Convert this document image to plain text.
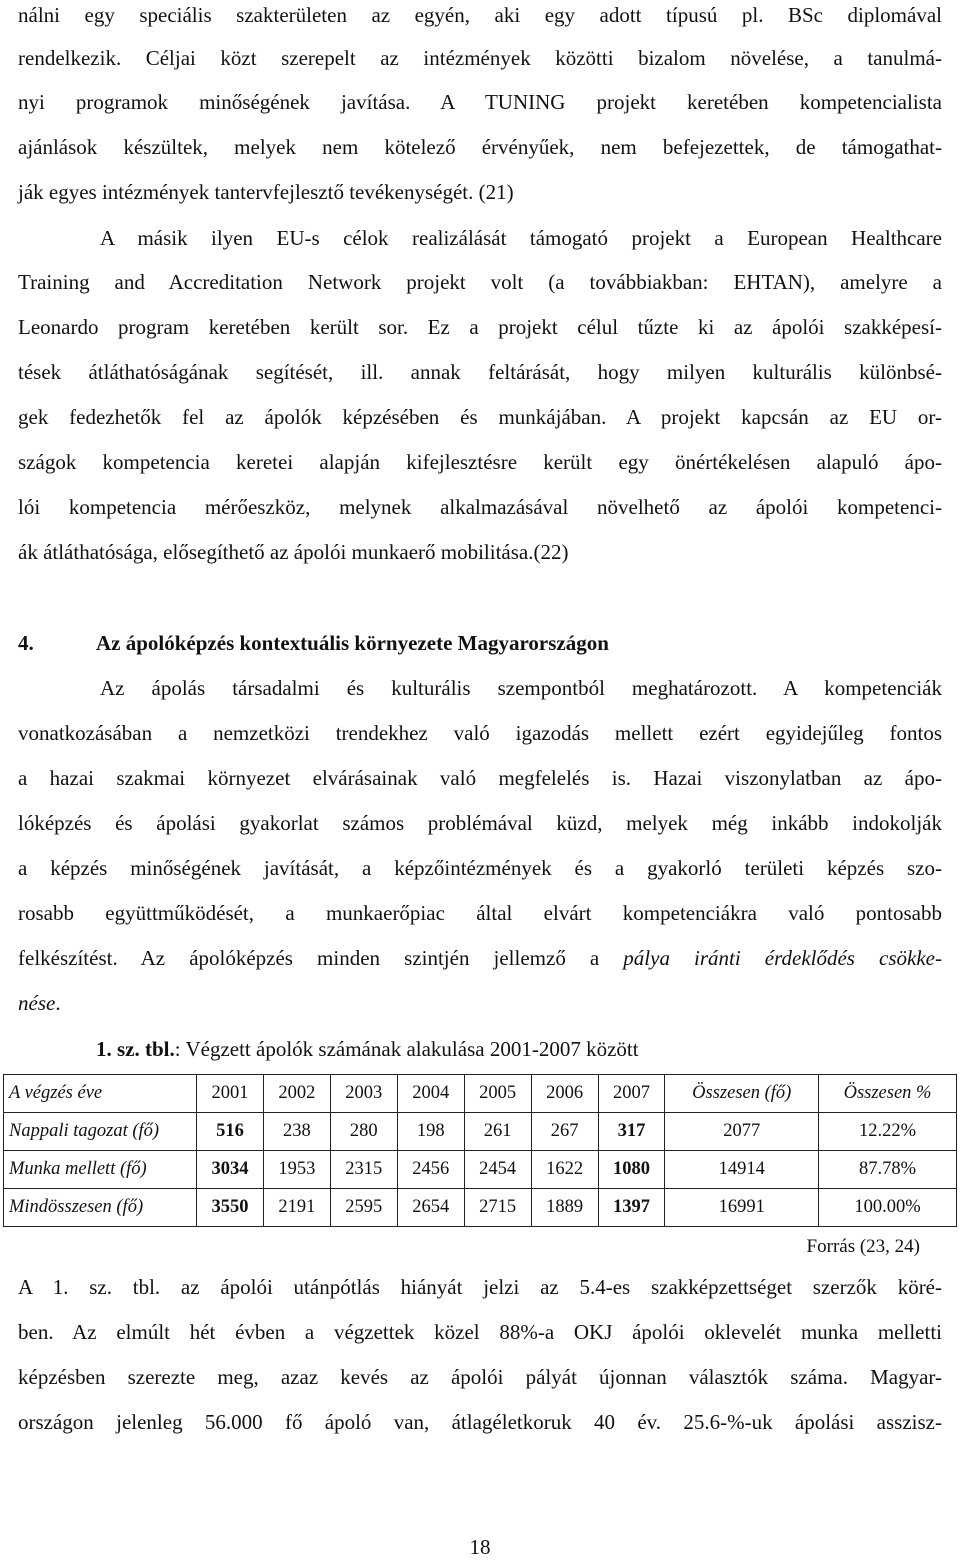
nálni egy speciális szakterületen az egyén, aki egy adott típusú pl. BSc diplomával
rendelkezik. Céljai közt szerepelt az intézmények közötti bizalom növelése, a tanulmá-
nyi programok minőségének javítása. A TUNING projekt keretében kompetencialista
ajánlások készültek, melyek nem kötelező érvényűek, nem befejezettek, de támogathat-
ják egyes intézmények tantervfejlesztő tevékenységét. (21)
A másik ilyen EU-s célok realizálását támogató projekt a European Healthcare
Training and Accreditation Network projekt volt (a továbbiakban: EHTAN), amelyre a
Leonardo program keretében került sor. Ez a projekt célul tűzte ki az ápolói szakképesí-
tések átláthatóságának segítését, ill. annak feltárását, hogy milyen kulturális különbsé-
gek fedezhetők fel az ápolók képzésében és munkájában. A projekt kapcsán az EU or-
szágok kompetencia keretei alapján kifejlesztésre került egy önértékelésen alapuló ápo-
lói kompetencia mérőeszköz, melynek alkalmazásával növelhető az ápolói kompetenci-
ák átláthatósága, elősegíthető az ápolói munkaerő mobilitása.(22)
4.	Az ápolóképzés kontextuális környezete Magyarországon
Az ápolás társadalmi és kulturális szempontból meghatározott. A kompetenciák
vonatkozásában a nemzetközi trendekhez való igazodás mellett ezért egyidejűleg fontos
a hazai szakmai környezet elvárásainak való megfelelés is. Hazai viszonylatban az ápo-
lóképzés és ápolási gyakorlat számos problémával küzd, melyek még inkább indokolják
a képzés minőségének javítását, a képzőintézmények és a gyakorló területi képzés szo-
rosabb együttműködését, a munkaerőpiac által elvárt kompetenciákra való pontosabb
felkészítést. Az ápolóképzés minden szintjén jellemző a pálya iránti érdeklődés csökke-
nése.
1. sz. tbl.: Végzett ápolók számának alakulása 2001-2007 között
A végzés éve	2001	2002	2003	2004	2005	2006	2007	Összesen (fő)	Összesen %
Nappali tagozat (fő)	516	238	280	198	261	267	317	2077	12.22%
Munka mellett (fő)	3034	1953	2315	2456	2454	1622	1080	14914	87.78%
Mindösszesen (fő)	3550	2191	2595	2654	2715	1889	1397	16991	100.00%
Forrás (23, 24)
A 1. sz. tbl. az ápolói utánpótlás hiányát jelzi az 5.4-es szakképzettséget szerzők köré-
ben. Az elmúlt hét évben a végzettek közel 88%-a OKJ ápolói oklevelét munka melletti
képzésben szerezte meg, azaz kevés az ápolói pályát újonnan választók száma. Magyar-
országon jelenleg 56.000 fő ápoló van, átlagéletkoruk 40 év. 25.6-%-uk ápolási asszisz-
18
